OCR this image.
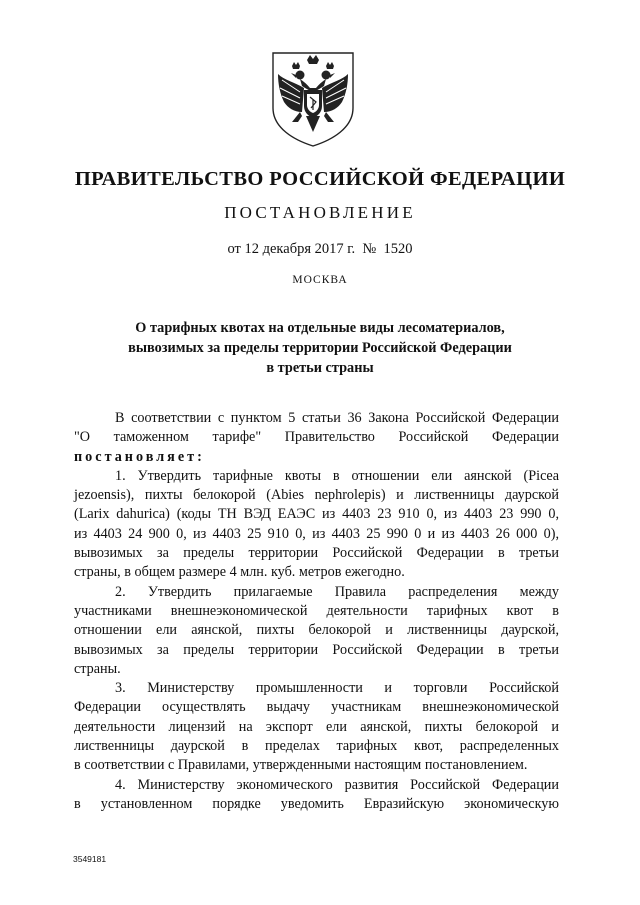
ПРАВИТЕЛЬСТВО РОССИЙСКОЙ ФЕДЕРАЦИИ
ПОСТАНОВЛЕНИЕ
от 12 декабря 2017 г.  №  1520
МОСКВА
О тарифных квотах на отдельные виды лесоматериалов,
вывозимых за пределы территории Российской Федерации
в третьи страны
В соответствии с пунктом 5 статьи 36 Закона Российской Федерации
"О таможенном тарифе" Правительство Российской Федерации
постановляет:
1. Утвердить тарифные квоты в отношении ели аянской (Picea
jezoensis), пихты белокорой (Abies nephrolepis) и лиственницы даурской
(Larix dahurica) (коды ТН ВЭД ЕАЭС из 4403 23 910 0, из 4403 23 990 0,
из 4403 24 900 0, из 4403 25 910 0, из 4403 25 990 0 и из 4403 26 000 0),
вывозимых за пределы территории Российской Федерации в третьи
страны, в общем размере 4 млн. куб. метров ежегодно.
2. Утвердить прилагаемые Правила распределения между
участниками внешнеэкономической деятельности тарифных квот в
отношении ели аянской, пихты белокорой и лиственницы даурской,
вывозимых за пределы территории Российской Федерации в третьи
страны.
3. Министерству промышленности и торговли Российской
Федерации осуществлять выдачу участникам внешнеэкономической
деятельности лицензий на экспорт ели аянской, пихты белокорой и
лиственницы даурской в пределах тарифных квот, распределенных
в соответствии с Правилами, утвержденными настоящим постановлением.
4. Министерству экономического развития Российской Федерации
в установленном порядке уведомить Евразийскую экономическую
3549181
